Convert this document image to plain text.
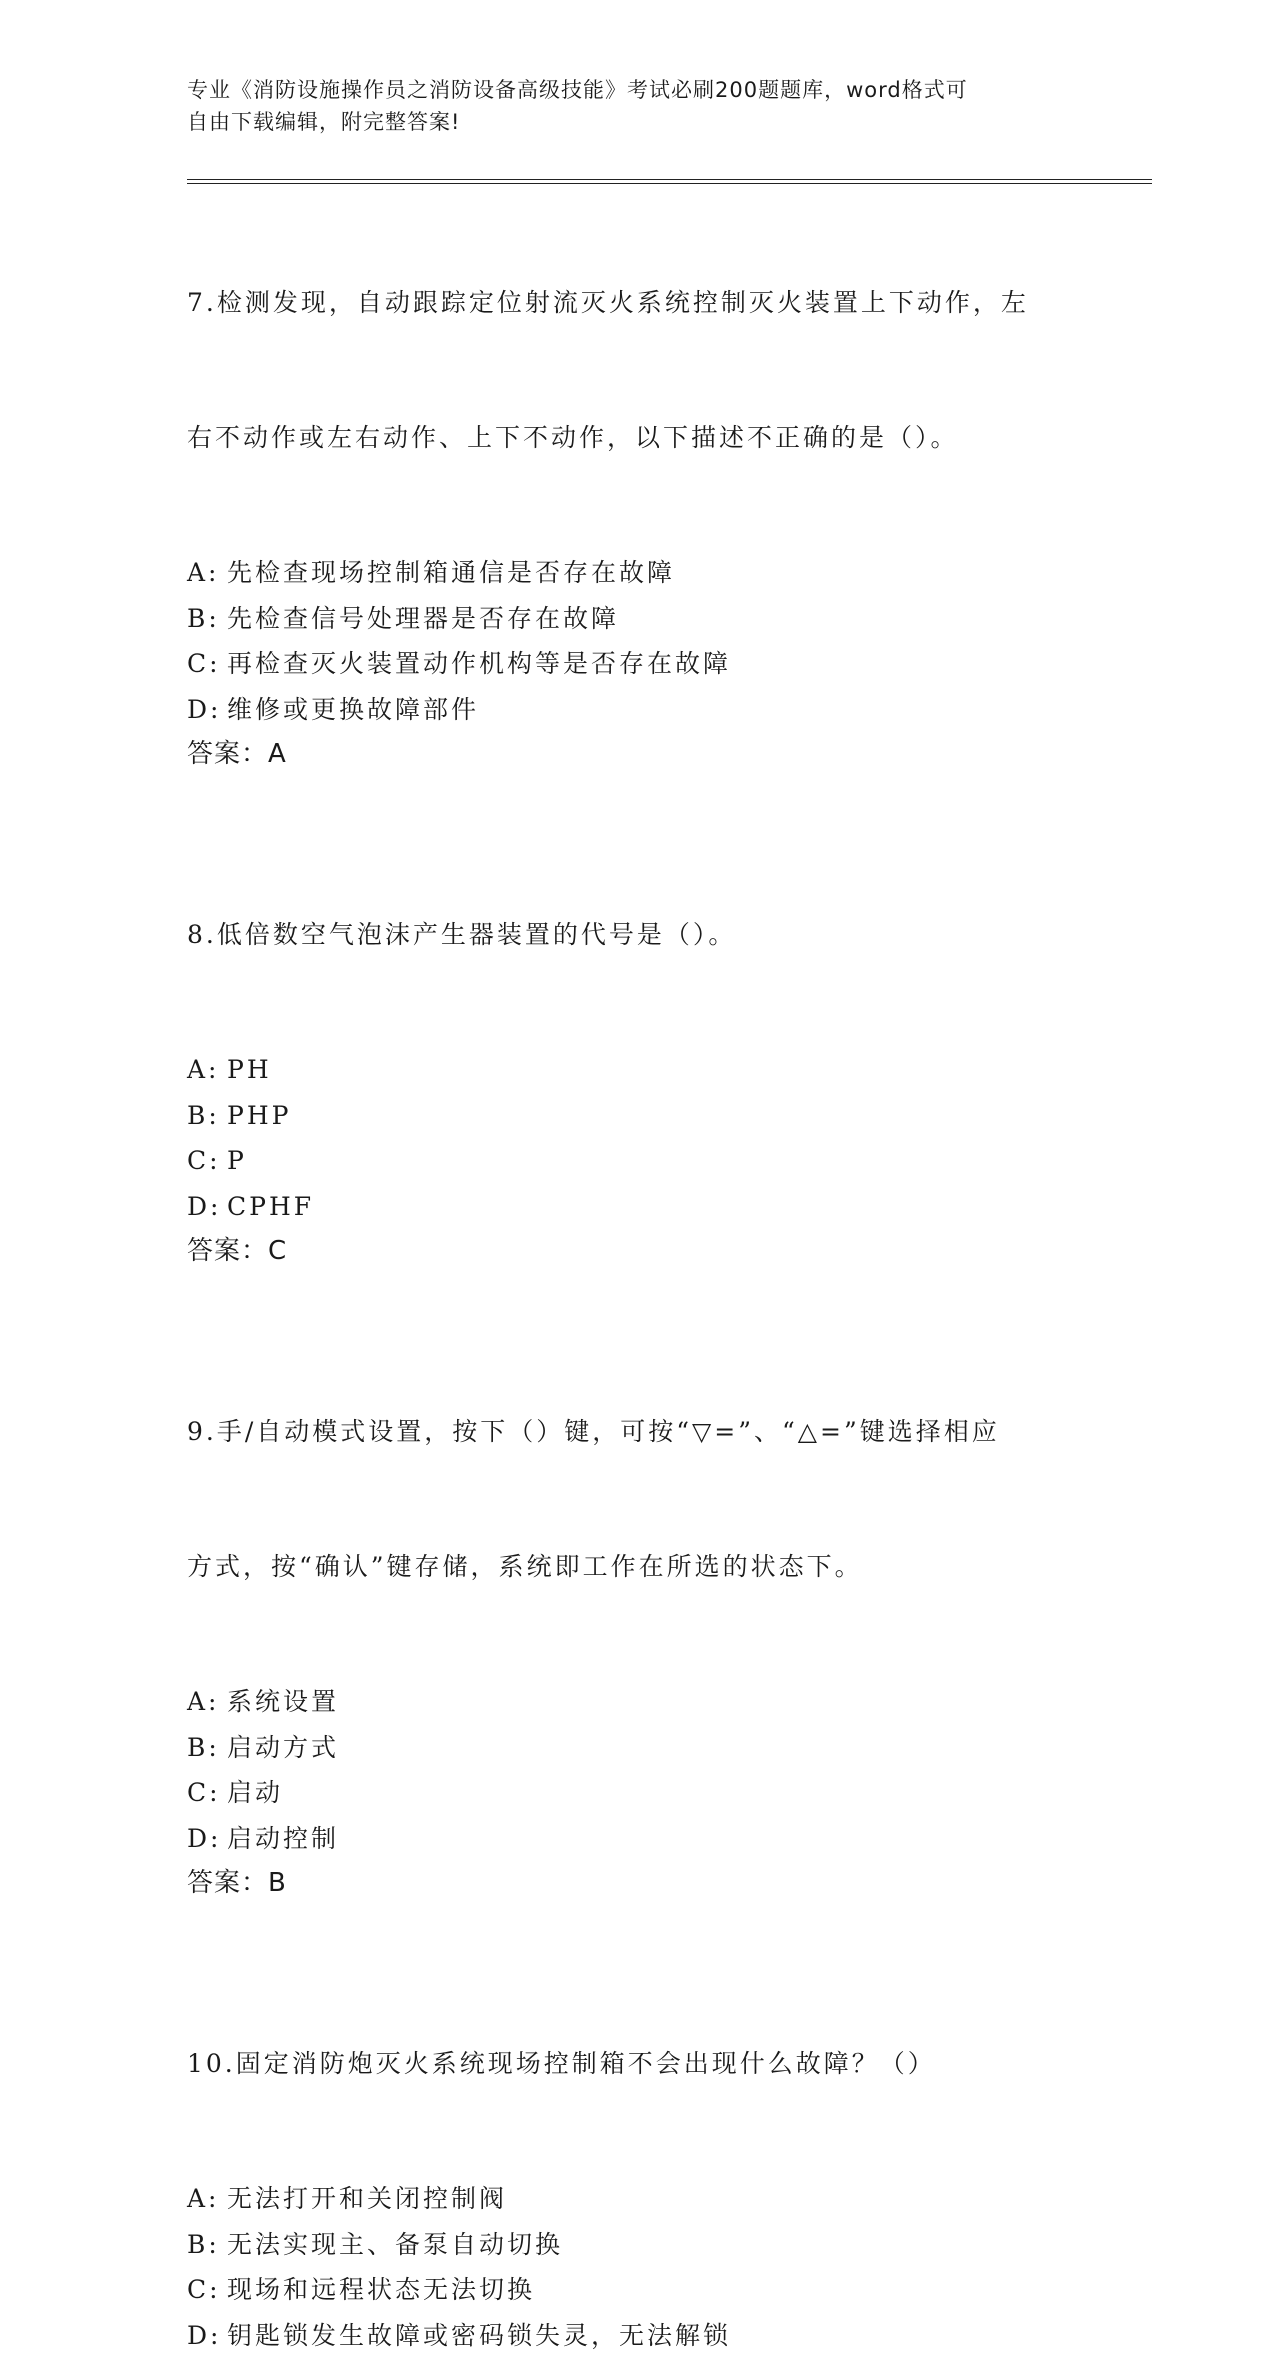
专业《消防设施操作员之消防设备高级技能》考试必刷200题题库，word格式可
自由下载编辑，附完整答案!

7.检测发现，自动跟踪定位射流灭火系统控制灭火装置上下动作，左

右不动作或左右动作、上下不动作，以下描述不正确的是（）。

A: 先检查现场控制箱通信是否存在故障
B: 先检查信号处理器是否存在故障
C: 再检查灭火装置动作机构等是否存在故障
D: 维修或更换故障部件
答案：A

8.低倍数空气泡沫产生器装置的代号是（）。

A: PH
B: PHP
C: P
D: CPHF
答案：C

9.手/自动模式设置，按下（）键，可按“▽=”、“△=”键选择相应

方式，按“确认”键存储，系统即工作在所选的状态下。

A: 系统设置
B: 启动方式
C: 启动
D: 启动控制
答案：B

10.固定消防炮灭火系统现场控制箱不会出现什么故障？（）

A: 无法打开和关闭控制阀
B: 无法实现主、备泵自动切换
C: 现场和远程状态无法切换
D: 钥匙锁发生故障或密码锁失灵，无法解锁
